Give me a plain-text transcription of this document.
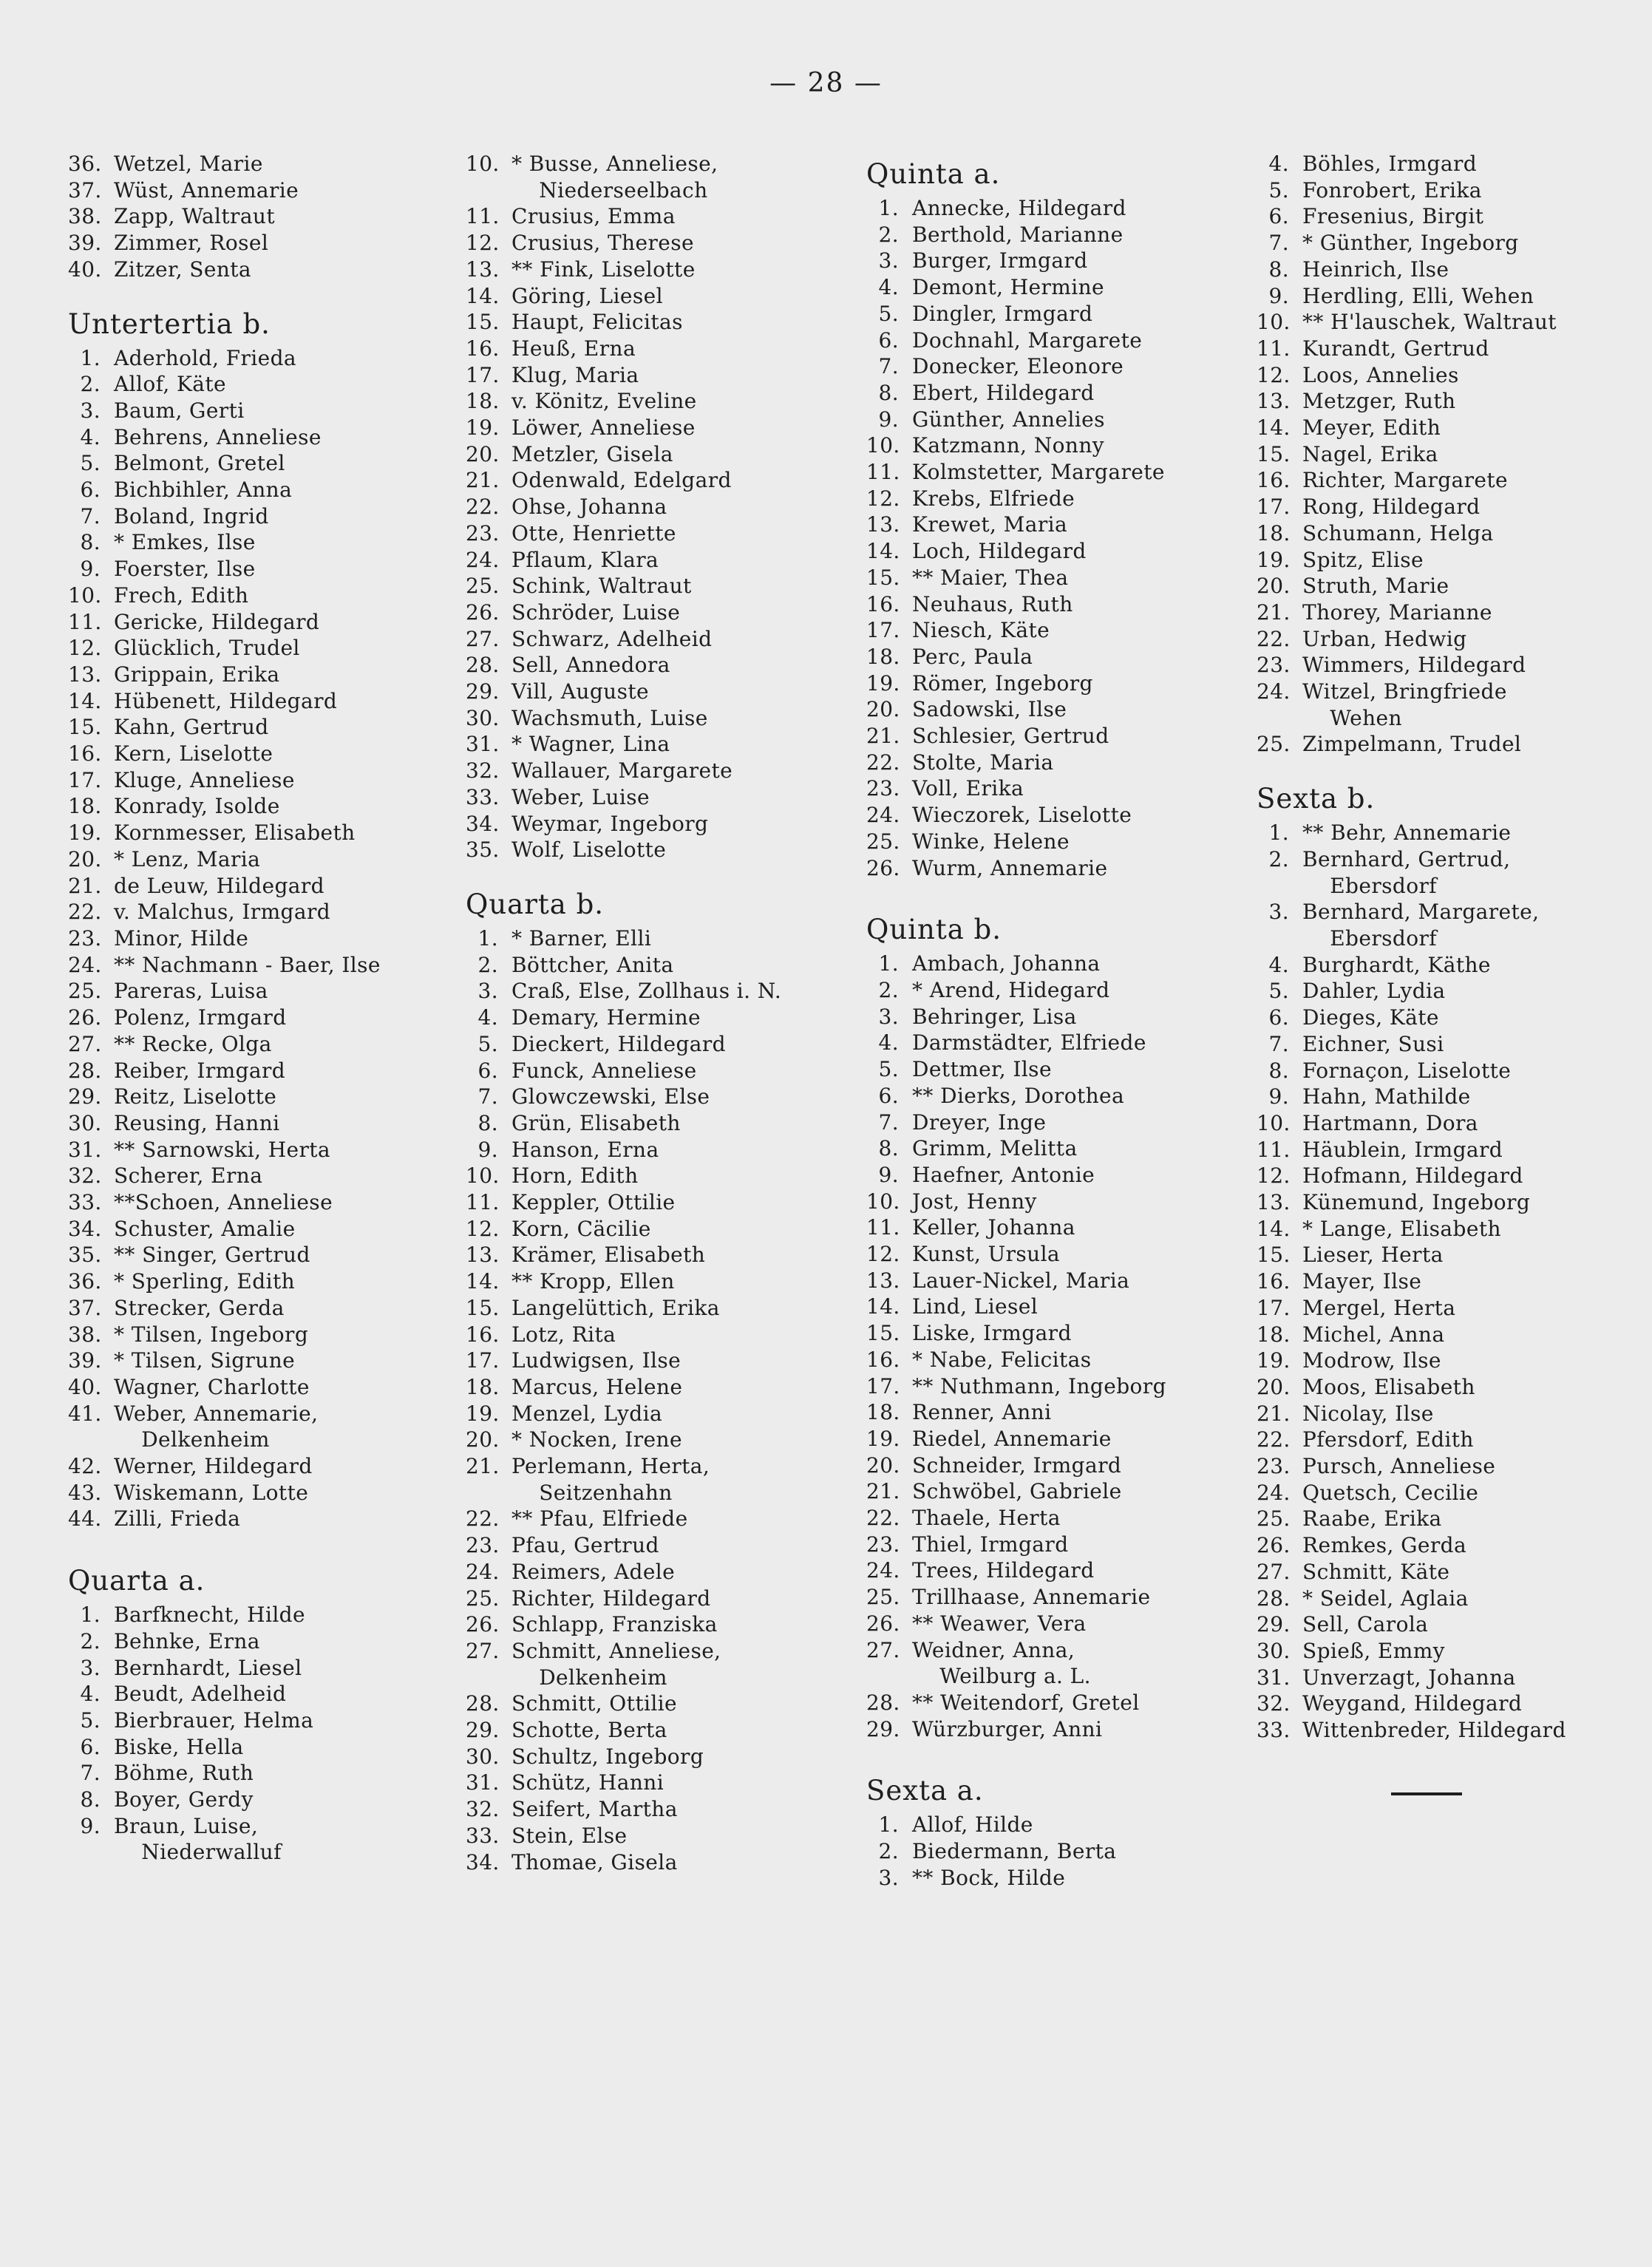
— 28 —
36. Wetzel, Marie
37. Wüst, Annemarie
38. Zapp, Waltraut
39. Zimmer, Rosel
40. Zitzer, Senta
Untertertia b.
1. Aderhold, Frieda
2. Allof, Käte
3. Baum, Gerti
4. Behrens, Anneliese
5. Belmont, Gretel
6. Bichbihler, Anna
7. Boland, Ingrid
8. * Emkes, Ilse
9. Foerster, Ilse
10. Frech, Edith
11. Gericke, Hildegard
12. Glücklich, Trudel
13. Grippain, Erika
14. Hübenett, Hildegard
15. Kahn, Gertrud
16. Kern, Liselotte
17. Kluge, Anneliese
18. Konrady, Isolde
19. Kornmesser, Elisabeth
20. * Lenz, Maria
21. de Leuw, Hildegard
22. v. Malchus, Irmgard
23. Minor, Hilde
24. ** Nachmann - Baer, Ilse
25. Pareras, Luisa
26. Polenz, Irmgard
27. ** Recke, Olga
28. Reiber, Irmgard
29. Reitz, Liselotte
30. Reusing, Hanni
31. ** Sarnowski, Herta
32. Scherer, Erna
33. **Schoen, Anneliese
34. Schuster, Amalie
35. ** Singer, Gertrud
36. * Sperling, Edith
37. Strecker, Gerda
38. * Tilsen, Ingeborg
39. * Tilsen, Sigrune
40. Wagner, Charlotte
41. Weber, Annemarie,
Delkenheim
42. Werner, Hildegard
43. Wiskemann, Lotte
44. Zilli, Frieda
Quarta a.
1. Barfknecht, Hilde
2. Behnke, Erna
3. Bernhardt, Liesel
4. Beudt, Adelheid
5. Bierbrauer, Helma
6. Biske, Hella
7. Böhme, Ruth
8. Boyer, Gerdy
9. Braun, Luise,
Niederwalluf
10. * Busse, Anneliese,
Niederseelbach
11. Crusius, Emma
12. Crusius, Therese
13. ** Fink, Liselotte
14. Göring, Liesel
15. Haupt, Felicitas
16. Heuß, Erna
17. Klug, Maria
18. v. Könitz, Eveline
19. Löwer, Anneliese
20. Metzler, Gisela
21. Odenwald, Edelgard
22. Ohse, Johanna
23. Otte, Henriette
24. Pflaum, Klara
25. Schink, Waltraut
26. Schröder, Luise
27. Schwarz, Adelheid
28. Sell, Annedora
29. Vill, Auguste
30. Wachsmuth, Luise
31. * Wagner, Lina
32. Wallauer, Margarete
33. Weber, Luise
34. Weymar, Ingeborg
35. Wolf, Liselotte
Quarta b.
1. * Barner, Elli
2. Böttcher, Anita
3. Craß, Else, Zollhaus i. N.
4. Demary, Hermine
5. Dieckert, Hildegard
6. Funck, Anneliese
7. Glowczewski, Else
8. Grün, Elisabeth
9. Hanson, Erna
10. Horn, Edith
11. Keppler, Ottilie
12. Korn, Cäcilie
13. Krämer, Elisabeth
14. ** Kropp, Ellen
15. Langelüttich, Erika
16. Lotz, Rita
17. Ludwigsen, Ilse
18. Marcus, Helene
19. Menzel, Lydia
20. * Nocken, Irene
21. Perlemann, Herta,
Seitzenhahn
22. ** Pfau, Elfriede
23. Pfau, Gertrud
24. Reimers, Adele
25. Richter, Hildegard
26. Schlapp, Franziska
27. Schmitt, Anneliese,
Delkenheim
28. Schmitt, Ottilie
29. Schotte, Berta
30. Schultz, Ingeborg
31. Schütz, Hanni
32. Seifert, Martha
33. Stein, Else
34. Thomae, Gisela
Quinta a.
1. Annecke, Hildegard
2. Berthold, Marianne
3. Burger, Irmgard
4. Demont, Hermine
5. Dingler, Irmgard
6. Dochnahl, Margarete
7. Donecker, Eleonore
8. Ebert, Hildegard
9. Günther, Annelies
10. Katzmann, Nonny
11. Kolmstetter, Margarete
12. Krebs, Elfriede
13. Krewet, Maria
14. Loch, Hildegard
15. ** Maier, Thea
16. Neuhaus, Ruth
17. Niesch, Käte
18. Perc, Paula
19. Römer, Ingeborg
20. Sadowski, Ilse
21. Schlesier, Gertrud
22. Stolte, Maria
23. Voll, Erika
24. Wieczorek, Liselotte
25. Winke, Helene
26. Wurm, Annemarie
Quinta b.
1. Ambach, Johanna
2. * Arend, Hidegard
3. Behringer, Lisa
4. Darmstädter, Elfriede
5. Dettmer, Ilse
6. ** Dierks, Dorothea
7. Dreyer, Inge
8. Grimm, Melitta
9. Haefner, Antonie
10. Jost, Henny
11. Keller, Johanna
12. Kunst, Ursula
13. Lauer-Nickel, Maria
14. Lind, Liesel
15. Liske, Irmgard
16. * Nabe, Felicitas
17. ** Nuthmann, Ingeborg
18. Renner, Anni
19. Riedel, Annemarie
20. Schneider, Irmgard
21. Schwöbel, Gabriele
22. Thaele, Herta
23. Thiel, Irmgard
24. Trees, Hildegard
25. Trillhaase, Annemarie
26. ** Weawer, Vera
27. Weidner, Anna,
Weilburg a. L.
28. ** Weitendorf, Gretel
29. Würzburger, Anni
Sexta a.
1. Allof, Hilde
2. Biedermann, Berta
3. ** Bock, Hilde
4. Böhles, Irmgard
5. Fonrobert, Erika
6. Fresenius, Birgit
7. * Günther, Ingeborg
8. Heinrich, Ilse
9. Herdling, Elli, Wehen
10. ** H'lauschek, Waltraut
11. Kurandt, Gertrud
12. Loos, Annelies
13. Metzger, Ruth
14. Meyer, Edith
15. Nagel, Erika
16. Richter, Margarete
17. Rong, Hildegard
18. Schumann, Helga
19. Spitz, Elise
20. Struth, Marie
21. Thorey, Marianne
22. Urban, Hedwig
23. Wimmers, Hildegard
24. Witzel, Bringfriede
Wehen
25. Zimpelmann, Trudel
Sexta b.
1. ** Behr, Annemarie
2. Bernhard, Gertrud,
Ebersdorf
3. Bernhard, Margarete,
Ebersdorf
4. Burghardt, Käthe
5. Dahler, Lydia
6. Dieges, Käte
7. Eichner, Susi
8. Fornaçon, Liselotte
9. Hahn, Mathilde
10. Hartmann, Dora
11. Häublein, Irmgard
12. Hofmann, Hildegard
13. Künemund, Ingeborg
14. * Lange, Elisabeth
15. Lieser, Herta
16. Mayer, Ilse
17. Mergel, Herta
18. Michel, Anna
19. Modrow, Ilse
20. Moos, Elisabeth
21. Nicolay, Ilse
22. Pfersdorf, Edith
23. Pursch, Anneliese
24. Quetsch, Cecilie
25. Raabe, Erika
26. Remkes, Gerda
27. Schmitt, Käte
28. * Seidel, Aglaia
29. Sell, Carola
30. Spieß, Emmy
31. Unverzagt, Johanna
32. Weygand, Hildegard
33. Wittenbreder, Hildegard
